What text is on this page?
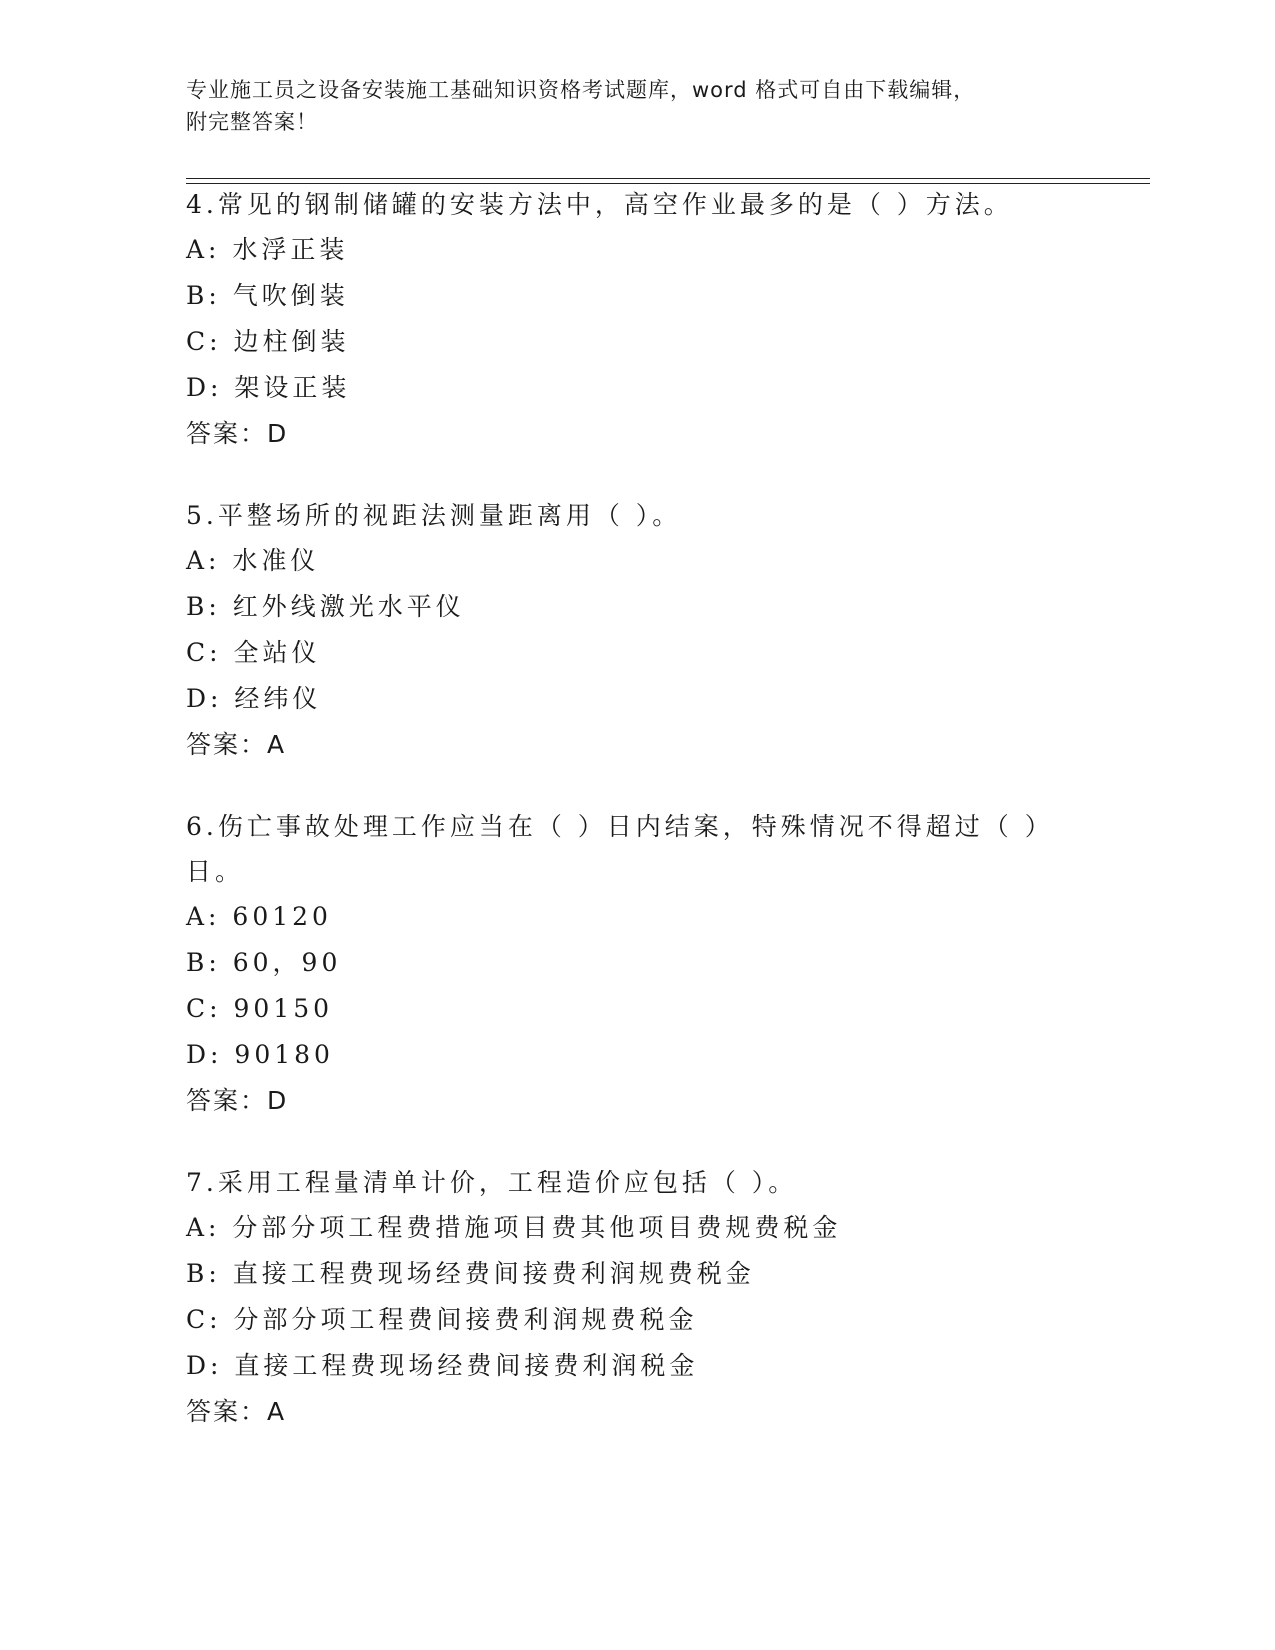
专业施工员之设备安装施工基础知识资格考试题库，word 格式可自由下载编辑，
附完整答案！

4.常见的钢制储罐的安装方法中，高空作业最多的是（ ）方法。

A: 水浮正装

B: 气吹倒装

C: 边柱倒装

D: 架设正装

答案：D

5.平整场所的视距法测量距离用（ ）。

A: 水准仪

B: 红外线激光水平仪

C: 全站仪

D: 经纬仪

答案：A

6.伤亡事故处理工作应当在（ ）日内结案，特殊情况不得超过（ ）

日。

A: 60120

B: 60，90

C: 90150

D: 90180

答案：D

7.采用工程量清单计价，工程造价应包括（ ）。

A: 分部分项工程费措施项目费其他项目费规费税金

B: 直接工程费现场经费间接费利润规费税金

C: 分部分项工程费间接费利润规费税金

D: 直接工程费现场经费间接费利润税金

答案：A
